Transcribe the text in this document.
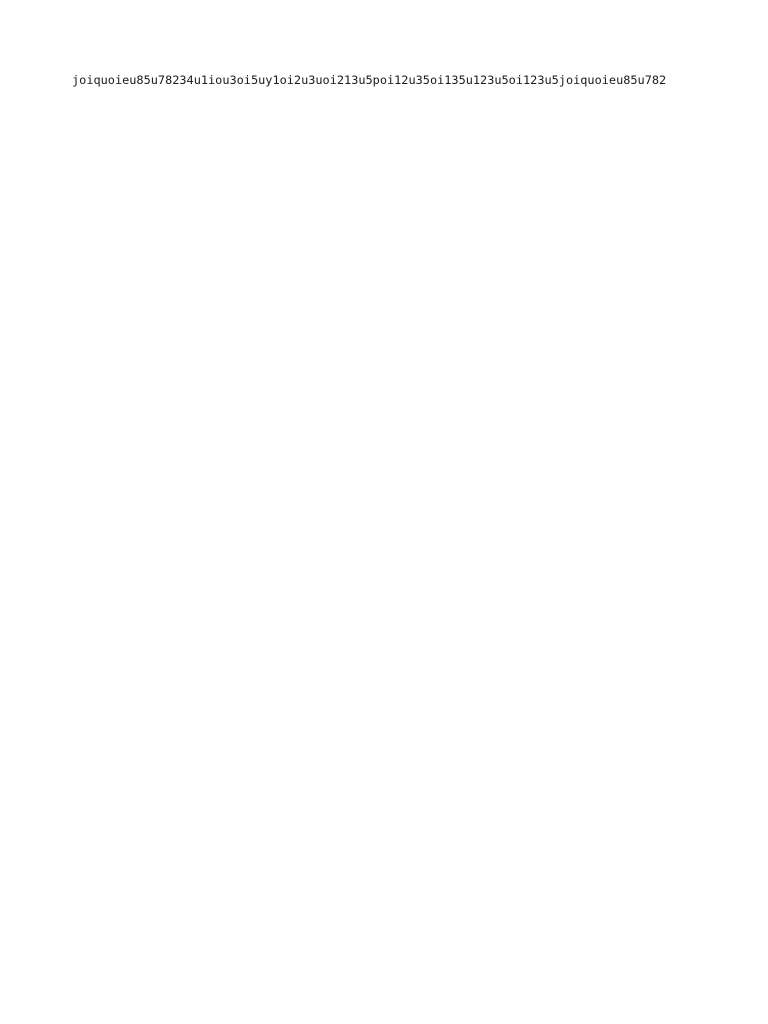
joiquoieu85u78234u1iou3oi5uy1oi2u3uoi213u5poi12u35oi135u123u5oi123u5joiquoieu85u782
